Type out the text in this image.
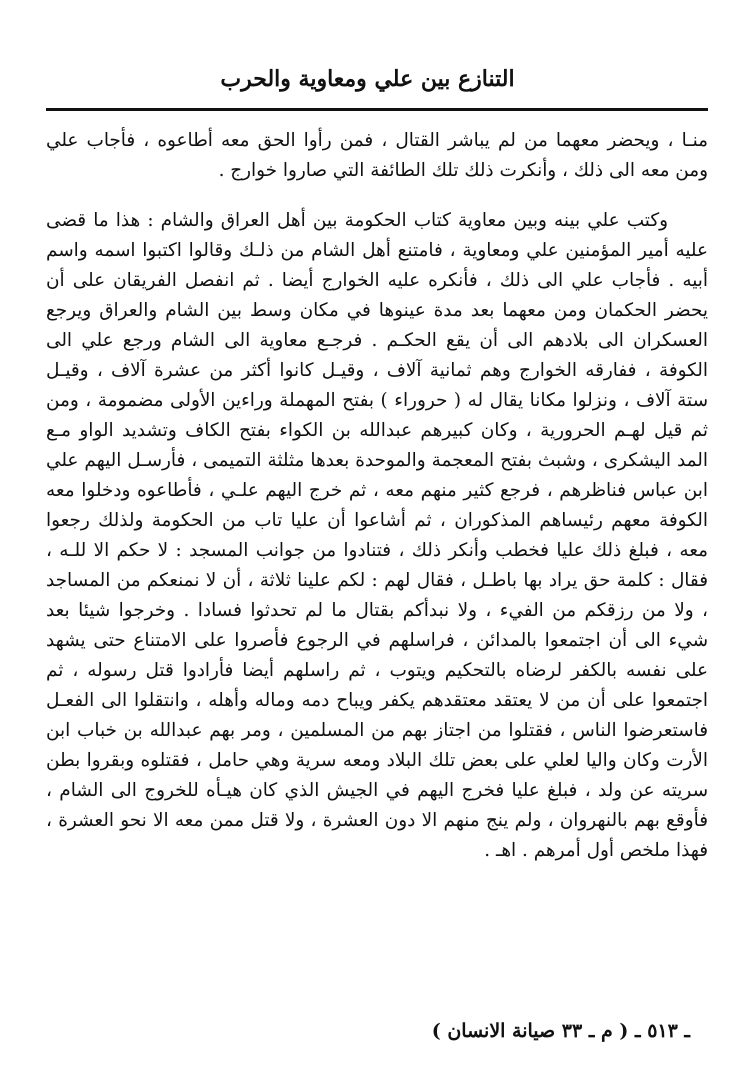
التنازع بين علي ومعاوية والحرب

منـا ، ويحضر معهما من لم يباشر القتال ، فمن رأوا الحق معه أطاعوه ، فأجاب علي ومن معه الى ذلك ، وأنكرت ذلك تلك الطائفة التي صاروا خوارج .

وكتب علي بينه وبين معاوية كتاب الحكومة بين أهل العراق والشام : هذا ما قضى عليه أمير المؤمنين علي ومعاوية ، فامتنع أهل الشام من ذلـك وقالوا اكتبوا اسمه واسم أبيه . فأجاب علي الى ذلك ، فأنكره عليه الخوارج أيضا . ثم انفصل الفريقان على أن يحضر الحكمان ومن معهما بعد مدة عينوها في مكان وسط بين الشام والعراق ويرجع العسكران الى بلادهم الى أن يقع الحكـم . فرجـع معاوية الى الشام ورجع علي الى الكوفة ، ففارقه الخوارج وهم ثمانية آلاف ، وقيـل كانوا أكثر من عشرة آلاف ، وقيـل ستة آلاف ، ونزلوا مكانا يقال له ( حروراء ) بفتح المهملة وراءين الأولى مضمومة ، ومن ثم قيل لهـم الحرورية ، وكان كبيرهم عبدالله بن الكواء بفتح الكاف وتشديد الواو مـع المد اليشكرى ، وشبث بفتح المعجمة والموحدة بعدها مثلثة التميمى ، فأرسـل اليهم علي ابن عباس فناظرهم ، فرجع كثير منهم معه ، ثم خرج اليهم علـي ، فأطاعوه ودخلوا معه الكوفة معهم رئيساهم المذكوران ، ثم أشاعوا أن عليا تاب من الحكومة ولذلك رجعوا معه ، فبلغ ذلك عليا فخطب وأنكر ذلك ، فتنادوا من جوانب المسجد : لا حكم الا للـه ، فقال : كلمة حق يراد بها باطـل ، فقال لهم : لكم علينا ثلاثة ، أن لا نمنعكم من المساجد ، ولا من رزقكم من الفيء ، ولا نبدأكم بقتال ما لم تحدثوا فسادا . وخرجوا شيئا بعد شيء الى أن اجتمعوا بالمدائن ، فراسلهم في الرجوع فأصروا على الامتناع حتى يشهد على نفسه بالكفر لرضاه بالتحكيم ويتوب ، ثم راسلهم أيضا فأرادوا قتل رسوله ، ثم اجتمعوا على أن من لا يعتقد معتقدهم يكفر ويباح دمه وماله وأهله ، وانتقلوا الى الفعـل فاستعرضوا الناس ، فقتلوا من اجتاز بهم من المسلمين ، ومر بهم عبدالله بن خباب ابن الأرت وكان واليا لعلي على بعض تلك البلاد ومعه سرية وهي حامل ، فقتلوه وبقروا بطن سريته عن ولد ، فبلغ عليا فخرج اليهم في الجيش الذي كان هيـأه للخروج الى الشام ، فأوقع بهم بالنهروان ، ولم ينج منهم الا دون العشرة ، ولا قتل ممن معه الا نحو العشرة ، فهذا ملخص أول أمرهم . اهـ .

ـ ٥١٣ ـ ( م ـ ٣٣ صيانة الانسان )
